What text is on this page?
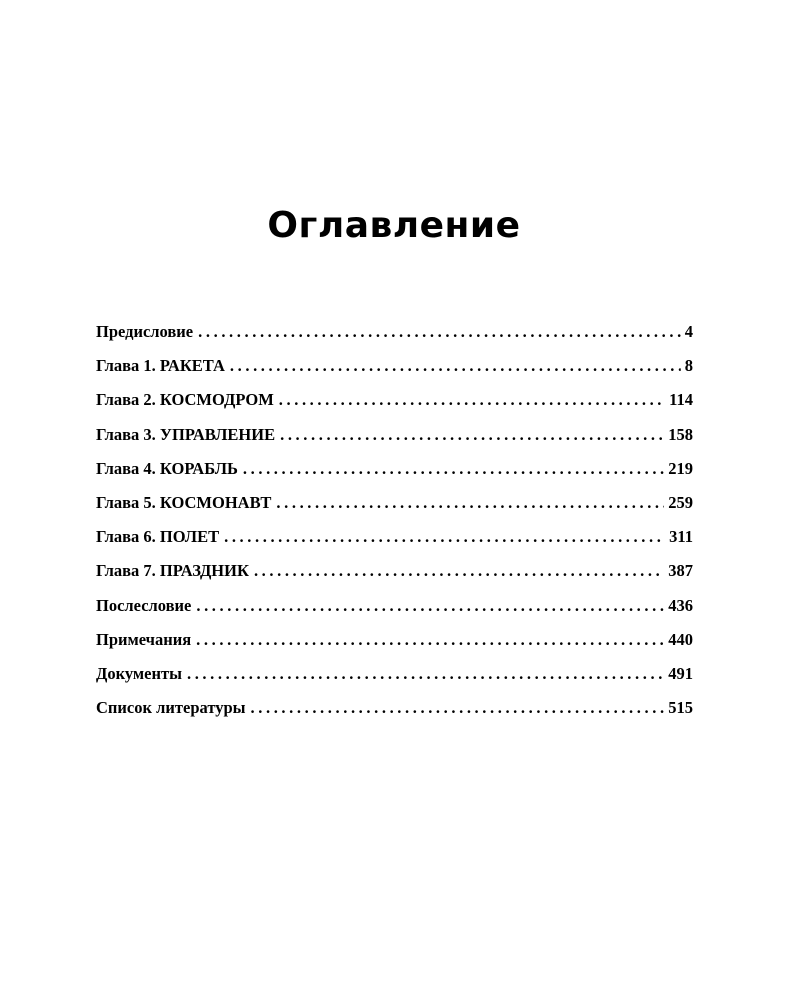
Оглавление
Предисловие .....	4
Глава 1. РАКЕТА .....	8
Глава 2. КОСМОДРОМ .....	114
Глава 3. УПРАВЛЕНИЕ .....	158
Глава 4. КОРАБЛЬ .....	219
Глава 5. КОСМОНАВТ .....	259
Глава 6. ПОЛЕТ .....	311
Глава 7. ПРАЗДНИК .....	387
Послесловие .....	436
Примечания .....	440
Документы .....	491
Список литературы .....	515
